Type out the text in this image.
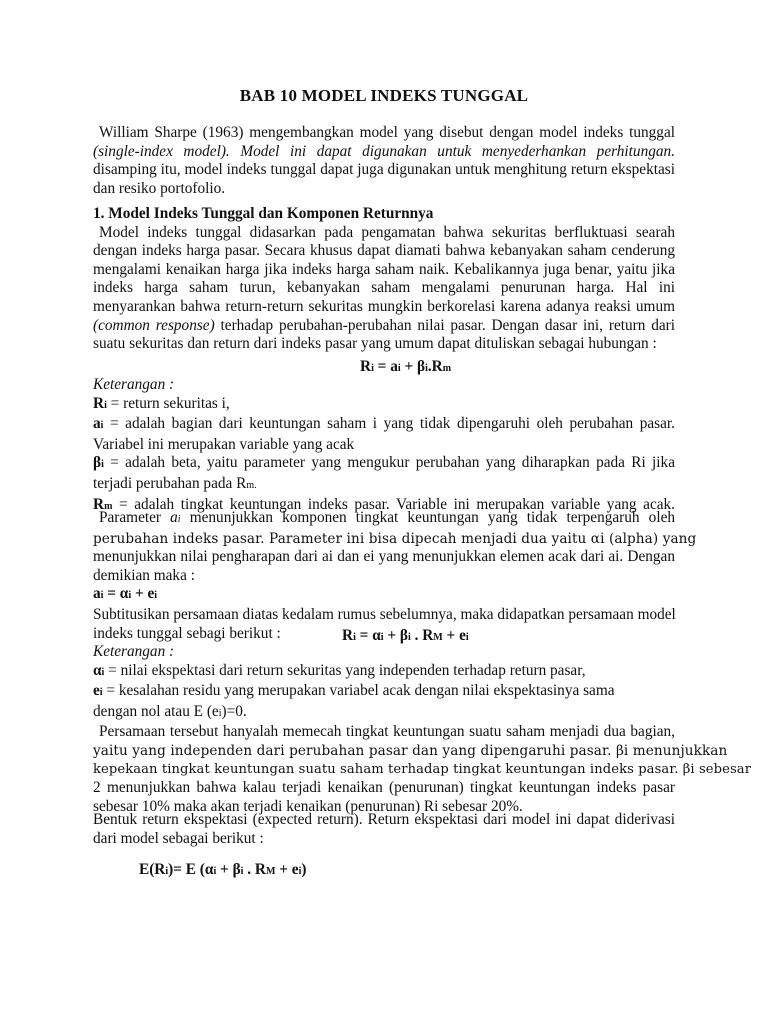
BAB 10 MODEL INDEKS TUNGGAL
William Sharpe (1963) mengembangkan model yang disebut dengan model indeks tunggal
(single-index model). Model ini dapat digunakan untuk menyederhankan perhitungan.
disamping itu, model indeks tunggal dapat juga digunakan untuk menghitung return ekspektasi
dan resiko portofolio.
1. Model Indeks Tunggal dan Komponen Returnnya
Model indeks tunggal didasarkan pada pengamatan bahwa sekuritas berfluktuasi searah
dengan indeks harga pasar. Secara khusus dapat diamati bahwa kebanyakan saham cenderung
mengalami kenaikan harga jika indeks harga saham naik. Kebalikannya juga benar, yaitu jika
indeks harga saham turun, kebanyakan saham mengalami penurunan harga. Hal ini
menyarankan bahwa return-return sekuritas mungkin berkorelasi karena adanya reaksi umum
(common response) terhadap perubahan-perubahan nilai pasar. Dengan dasar ini, return dari
suatu sekuritas dan return dari indeks pasar yang umum dapat dituliskan sebagai hubungan :
Ri = ai + βi.Rm
Keterangan :
Ri = return sekuritas i,
ai = adalah bagian dari keuntungan saham i yang tidak dipengaruhi oleh perubahan pasar.
Variabel ini merupakan variable yang acak
βi = adalah beta, yaitu parameter yang mengukur perubahan yang diharapkan pada Ri jika
terjadi perubahan pada Rm.
Rm = adalah tingkat keuntungan indeks pasar. Variable ini merupakan variable yang acak.
Parameter ai menunjukkan komponen tingkat keuntungan yang tidak terpengaruh oleh
perubahan indeks pasar. Parameter ini bisa dipecah menjadi dua yaitu αi (alpha) yang
menunjukkan nilai pengharapan dari ai dan ei yang menunjukkan elemen acak dari ai. Dengan
demikian maka :
ai = αi + ei
Subtitusikan persamaan diatas kedalam rumus sebelumnya, maka didapatkan persamaan model
indeks tunggal sebagi berikut :	Ri = αi + βi . RM + ei
Keterangan :
αi = nilai ekspektasi dari return sekuritas yang independen terhadap return pasar,
ei = kesalahan residu yang merupakan variabel acak dengan nilai ekspektasinya sama
dengan nol atau E (ei)=0.
Persamaan tersebut hanyalah memecah tingkat keuntungan suatu saham menjadi dua bagian,
yaitu yang independen dari perubahan pasar dan yang dipengaruhi pasar. βi menunjukkan
kepekaan tingkat keuntungan suatu saham terhadap tingkat keuntungan indeks pasar. βi sebesar
2 menunjukkan bahwa kalau terjadi kenaikan (penurunan) tingkat keuntungan indeks pasar
sebesar 10% maka akan terjadi kenaikan (penurunan) Ri sebesar 20%.
Bentuk return ekspektasi (expected return). Return ekspektasi dari model ini dapat diderivasi
dari model sebagai berikut :
E(Ri)= E (αi + βi . RM + ei)
